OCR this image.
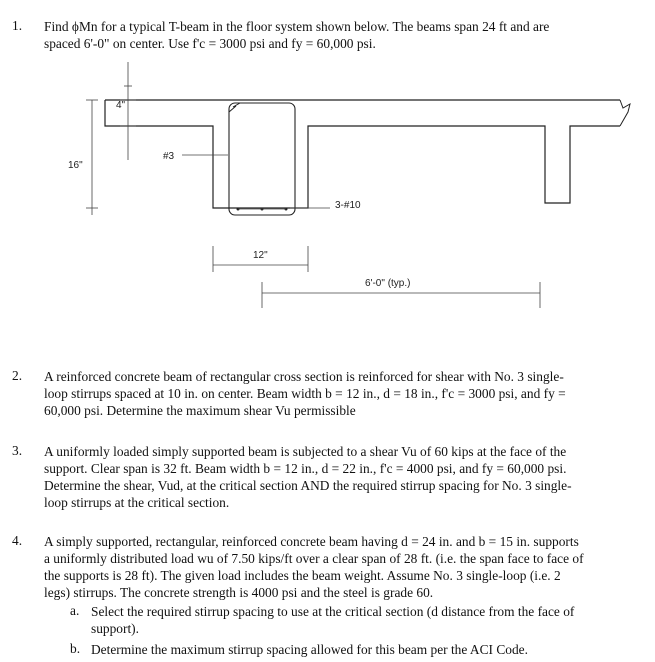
1. Find ϕMn for a typical T-beam in the floor system shown below. The beams span 24 ft and are
spaced 6'-0" on center. Use f'c = 3000 psi and fy = 60,000 psi.
4"
16"
#3
3-#10
12"
6'-0" (typ.)
2. A reinforced concrete beam of rectangular cross section is reinforced for shear with No. 3 single-
loop stirrups spaced at 10 in. on center. Beam width b = 12 in., d = 18 in., f'c = 3000 psi, and fy =
60,000 psi. Determine the maximum shear Vu permissible
3. A uniformly loaded simply supported beam is subjected to a shear Vu of 60 kips at the face of the
support. Clear span is 32 ft. Beam width b = 12 in., d = 22 in., f'c = 4000 psi, and fy = 60,000 psi.
Determine the shear, Vud, at the critical section AND the required stirrup spacing for No. 3 single-
loop stirrups at the critical section.
4. A simply supported, rectangular, reinforced concrete beam having d = 24 in. and b = 15 in. supports
a uniformly distributed load wu of 7.50 kips/ft over a clear span of 28 ft. (i.e. the span face to face of
the supports is 28 ft). The given load includes the beam weight. Assume No. 3 single-loop (i.e. 2
legs) stirrups. The concrete strength is 4000 psi and the steel is grade 60.
a. Select the required stirrup spacing to use at the critical section (d distance from the face of
support).
b. Determine the maximum stirrup spacing allowed for this beam per the ACI Code.
